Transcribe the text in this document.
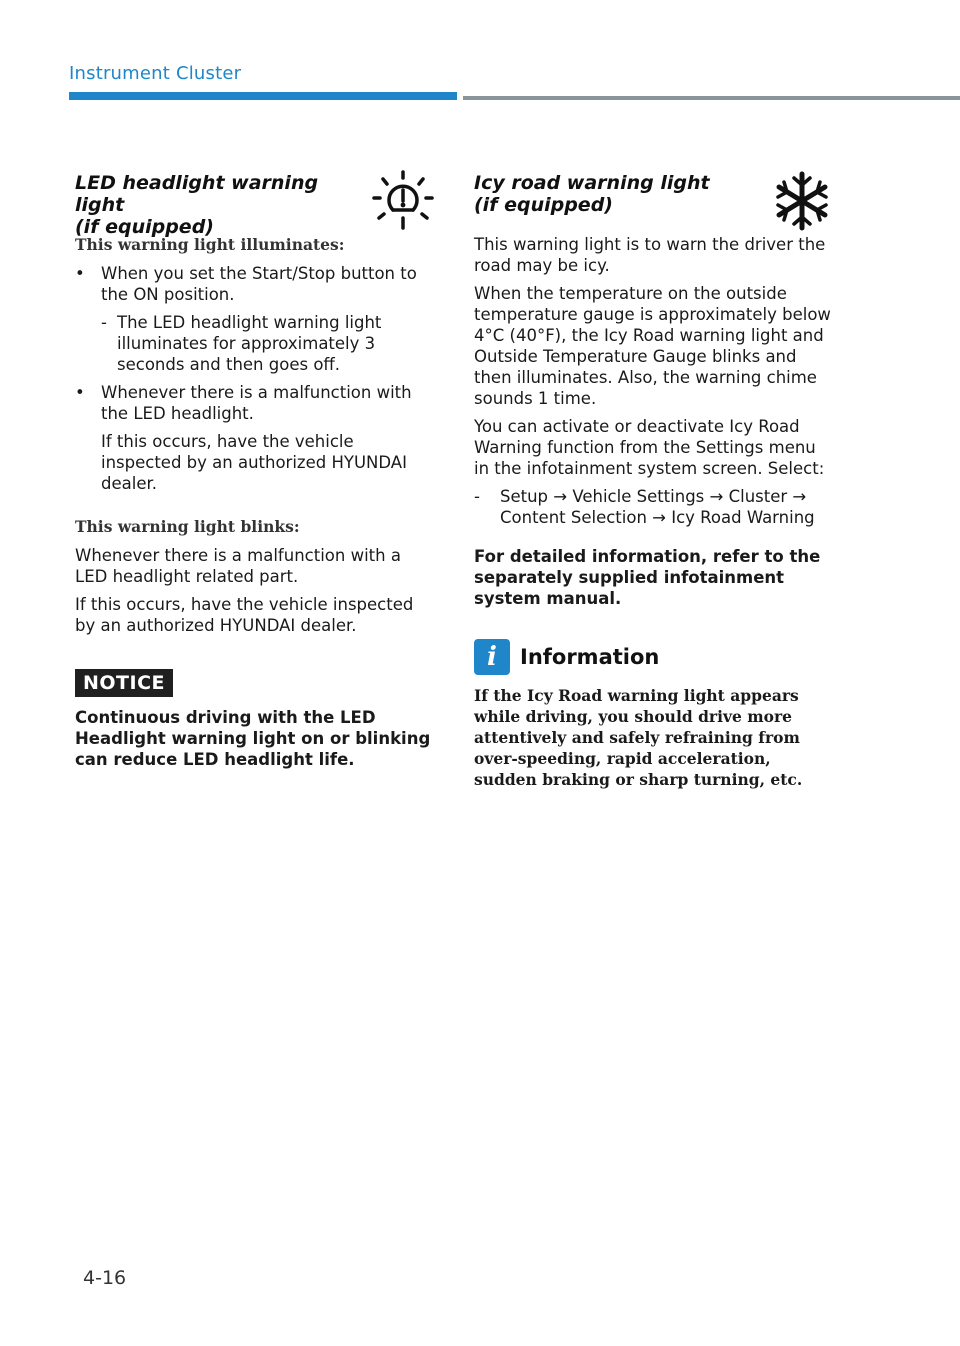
Instrument Cluster
LED headlight warning light
(if equipped)

This warning light illuminates:

• When you set the Start/Stop button to the ON position.
- The LED headlight warning light illuminates for approximately 3 seconds and then goes off.
• Whenever there is a malfunction with the LED headlight.
If this occurs, have the vehicle inspected by an authorized HYUNDAI dealer.

This warning light blinks:

Whenever there is a malfunction with a LED headlight related part.

If this occurs, have the vehicle inspected by an authorized HYUNDAI dealer.

NOTICE

Continuous driving with the LED Headlight warning light on or blinking can reduce LED headlight life.

Icy road warning light
(if equipped)

This warning light is to warn the driver the road may be icy.

When the temperature on the outside temperature gauge is approximately below 4°C (40°F), the Icy Road warning light and Outside Temperature Gauge blinks and then illuminates. Also, the warning chime sounds 1 time.

You can activate or deactivate Icy Road Warning function from the Settings menu in the infotainment system screen. Select:

- Setup → Vehicle Settings → Cluster → Content Selection → Icy Road Warning

For detailed information, refer to the separately supplied infotainment system manual.

i	Information

If the Icy Road warning light appears while driving, you should drive more attentively and safely refraining from over-speeding, rapid acceleration, sudden braking or sharp turning, etc.

4-16
